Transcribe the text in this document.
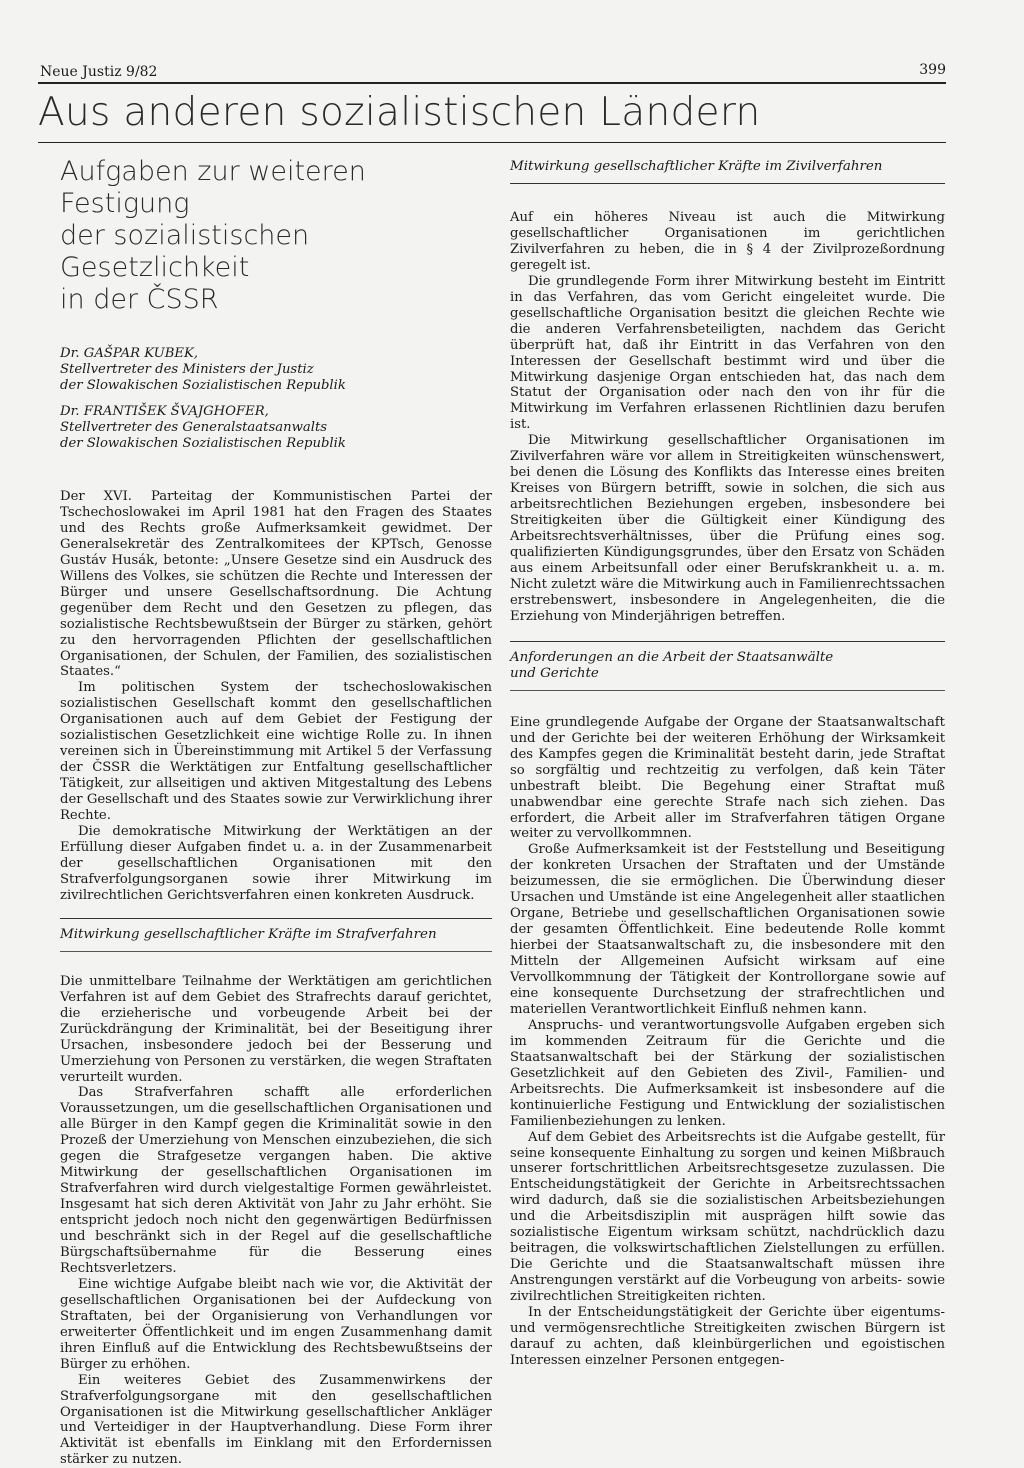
Neue Justiz 9/82	399
Aus anderen sozialistischen Ländern
Aufgaben zur weiteren Festigung
der sozialistischen Gesetzlichkeit
in der ČSSR

Dr. GAŠPAR KUBEK,
Stellvertreter des Ministers der Justiz
der Slowakischen Sozialistischen Republik

Dr. FRANTIŠEK ŠVAJGHOFER,
Stellvertreter des Generalstaatsanwalts
der Slowakischen Sozialistischen Republik

Der XVI. Parteitag der Kommunistischen Partei der Tschechoslowakei im April 1981 hat den Fragen des Staates und des Rechts große Aufmerksamkeit gewidmet. Der Generalsekretär des Zentralkomitees der KPTsch, Genosse Gustáv Husák, betonte: „Unsere Gesetze sind ein Ausdruck des Willens des Volkes, sie schützen die Rechte und Interessen der Bürger und unsere Gesellschaftsordnung. Die Achtung gegenüber dem Recht und den Gesetzen zu pflegen, das sozialistische Rechtsbewußtsein der Bürger zu stärken, gehört zu den hervorragenden Pflichten der gesellschaftlichen Organisationen, der Schulen, der Familien, des sozialistischen Staates.“

Im politischen System der tschechoslowakischen sozialistischen Gesellschaft kommt den gesellschaftlichen Organisationen auch auf dem Gebiet der Festigung der sozialistischen Gesetzlichkeit eine wichtige Rolle zu. In ihnen vereinen sich in Übereinstimmung mit Artikel 5 der Verfassung der ČSSR die Werktätigen zur Entfaltung gesellschaftlicher Tätigkeit, zur allseitigen und aktiven Mitgestaltung des Lebens der Gesellschaft und des Staates sowie zur Verwirklichung ihrer Rechte.

Die demokratische Mitwirkung der Werktätigen an der Erfüllung dieser Aufgaben findet u. a. in der Zusammenarbeit der gesellschaftlichen Organisationen mit den Strafverfolgungsorganen sowie ihrer Mitwirkung im zivilrechtlichen Gerichtsverfahren einen konkreten Ausdruck.

Mitwirkung gesellschaftlicher Kräfte im Strafverfahren

Die unmittelbare Teilnahme der Werktätigen am gerichtlichen Verfahren ist auf dem Gebiet des Strafrechts darauf gerichtet, die erzieherische und vorbeugende Arbeit bei der Zurückdrängung der Kriminalität, bei der Beseitigung ihrer Ursachen, insbesondere jedoch bei der Besserung und Umerziehung von Personen zu verstärken, die wegen Straftaten verurteilt wurden.

Das Strafverfahren schafft alle erforderlichen Voraussetzungen, um die gesellschaftlichen Organisationen und alle Bürger in den Kampf gegen die Kriminalität sowie in den Prozeß der Umerziehung von Menschen einzubeziehen, die sich gegen die Strafgesetze vergangen haben. Die aktive Mitwirkung der gesellschaftlichen Organisationen im Strafverfahren wird durch vielgestaltige Formen gewährleistet. Insgesamt hat sich deren Aktivität von Jahr zu Jahr erhöht. Sie entspricht jedoch noch nicht den gegenwärtigen Bedürfnissen und beschränkt sich in der Regel auf die gesellschaftliche Bürgschaftsübernahme für die Besserung eines Rechtsverletzers.

Eine wichtige Aufgabe bleibt nach wie vor, die Aktivität der gesellschaftlichen Organisationen bei der Aufdeckung von Straftaten, bei der Organisierung von Verhandlungen vor erweiterter Öffentlichkeit und im engen Zusammenhang damit ihren Einfluß auf die Entwicklung des Rechtsbewußtseins der Bürger zu erhöhen.

Ein weiteres Gebiet des Zusammenwirkens der Strafverfolgungsorgane mit den gesellschaftlichen Organisationen ist die Mitwirkung gesellschaftlicher Ankläger und Verteidiger in der Hauptverhandlung. Diese Form ihrer Aktivität ist ebenfalls im Einklang mit den Erfordernissen stärker zu nutzen.

Mitwirkung gesellschaftlicher Kräfte im Zivilverfahren

Auf ein höheres Niveau ist auch die Mitwirkung gesellschaftlicher Organisationen im gerichtlichen Zivilverfahren zu heben, die in § 4 der Zivilprozeßordnung geregelt ist.

Die grundlegende Form ihrer Mitwirkung besteht im Eintritt in das Verfahren, das vom Gericht eingeleitet wurde. Die gesellschaftliche Organisation besitzt die gleichen Rechte wie die anderen Verfahrensbeteiligten, nachdem das Gericht überprüft hat, daß ihr Eintritt in das Verfahren von den Interessen der Gesellschaft bestimmt wird und über die Mitwirkung dasjenige Organ entschieden hat, das nach dem Statut der Organisation oder nach den von ihr für die Mitwirkung im Verfahren erlassenen Richtlinien dazu berufen ist.

Die Mitwirkung gesellschaftlicher Organisationen im Zivilverfahren wäre vor allem in Streitigkeiten wünschenswert, bei denen die Lösung des Konflikts das Interesse eines breiten Kreises von Bürgern betrifft, sowie in solchen, die sich aus arbeitsrechtlichen Beziehungen ergeben, insbesondere bei Streitigkeiten über die Gültigkeit einer Kündigung des Arbeitsrechtsverhältnisses, über die Prüfung eines sog. qualifizierten Kündigungsgrundes, über den Ersatz von Schäden aus einem Arbeitsunfall oder einer Berufskrankheit u. a. m. Nicht zuletzt wäre die Mitwirkung auch in Familienrechtssachen erstrebenswert, insbesondere in Angelegenheiten, die die Erziehung von Minderjährigen betreffen.

Anforderungen an die Arbeit der Staatsanwälte
und Gerichte

Eine grundlegende Aufgabe der Organe der Staatsanwaltschaft und der Gerichte bei der weiteren Erhöhung der Wirksamkeit des Kampfes gegen die Kriminalität besteht darin, jede Straftat so sorgfältig und rechtzeitig zu verfolgen, daß kein Täter unbestraft bleibt. Die Begehung einer Straftat muß unabwendbar eine gerechte Strafe nach sich ziehen. Das erfordert, die Arbeit aller im Strafverfahren tätigen Organe weiter zu vervollkommnen.

Große Aufmerksamkeit ist der Feststellung und Beseitigung der konkreten Ursachen der Straftaten und der Umstände beizumessen, die sie ermöglichen. Die Überwindung dieser Ursachen und Umstände ist eine Angelegenheit aller staatlichen Organe, Betriebe und gesellschaftlichen Organisationen sowie der gesamten Öffentlichkeit. Eine bedeutende Rolle kommt hierbei der Staatsanwaltschaft zu, die insbesondere mit den Mitteln der Allgemeinen Aufsicht wirksam auf eine Vervollkommnung der Tätigkeit der Kontrollorgane sowie auf eine konsequente Durchsetzung der strafrechtlichen und materiellen Verantwortlichkeit Einfluß nehmen kann.

Anspruchs- und verantwortungsvolle Aufgaben ergeben sich im kommenden Zeitraum für die Gerichte und die Staatsanwaltschaft bei der Stärkung der sozialistischen Gesetzlichkeit auf den Gebieten des Zivil-, Familien- und Arbeitsrechts. Die Aufmerksamkeit ist insbesondere auf die kontinuierliche Festigung und Entwicklung der sozialistischen Familienbeziehungen zu lenken.

Auf dem Gebiet des Arbeitsrechts ist die Aufgabe gestellt, für seine konsequente Einhaltung zu sorgen und keinen Mißbrauch unserer fortschrittlichen Arbeitsrechtsgesetze zuzulassen. Die Entscheidungstätigkeit der Gerichte in Arbeitsrechtssachen wird dadurch, daß sie die sozialistischen Arbeitsbeziehungen und die Arbeitsdisziplin mit ausprägen hilft sowie das sozialistische Eigentum wirksam schützt, nachdrücklich dazu beitragen, die volkswirtschaftlichen Zielstellungen zu erfüllen. Die Gerichte und die Staatsanwaltschaft müssen ihre Anstrengungen verstärkt auf die Vorbeugung von arbeits- sowie zivilrechtlichen Streitigkeiten richten.

In der Entscheidungstätigkeit der Gerichte über eigentums- und vermögensrechtliche Streitigkeiten zwischen Bürgern ist darauf zu achten, daß kleinbürgerlichen und egoistischen Interessen einzelner Personen entgegen-
